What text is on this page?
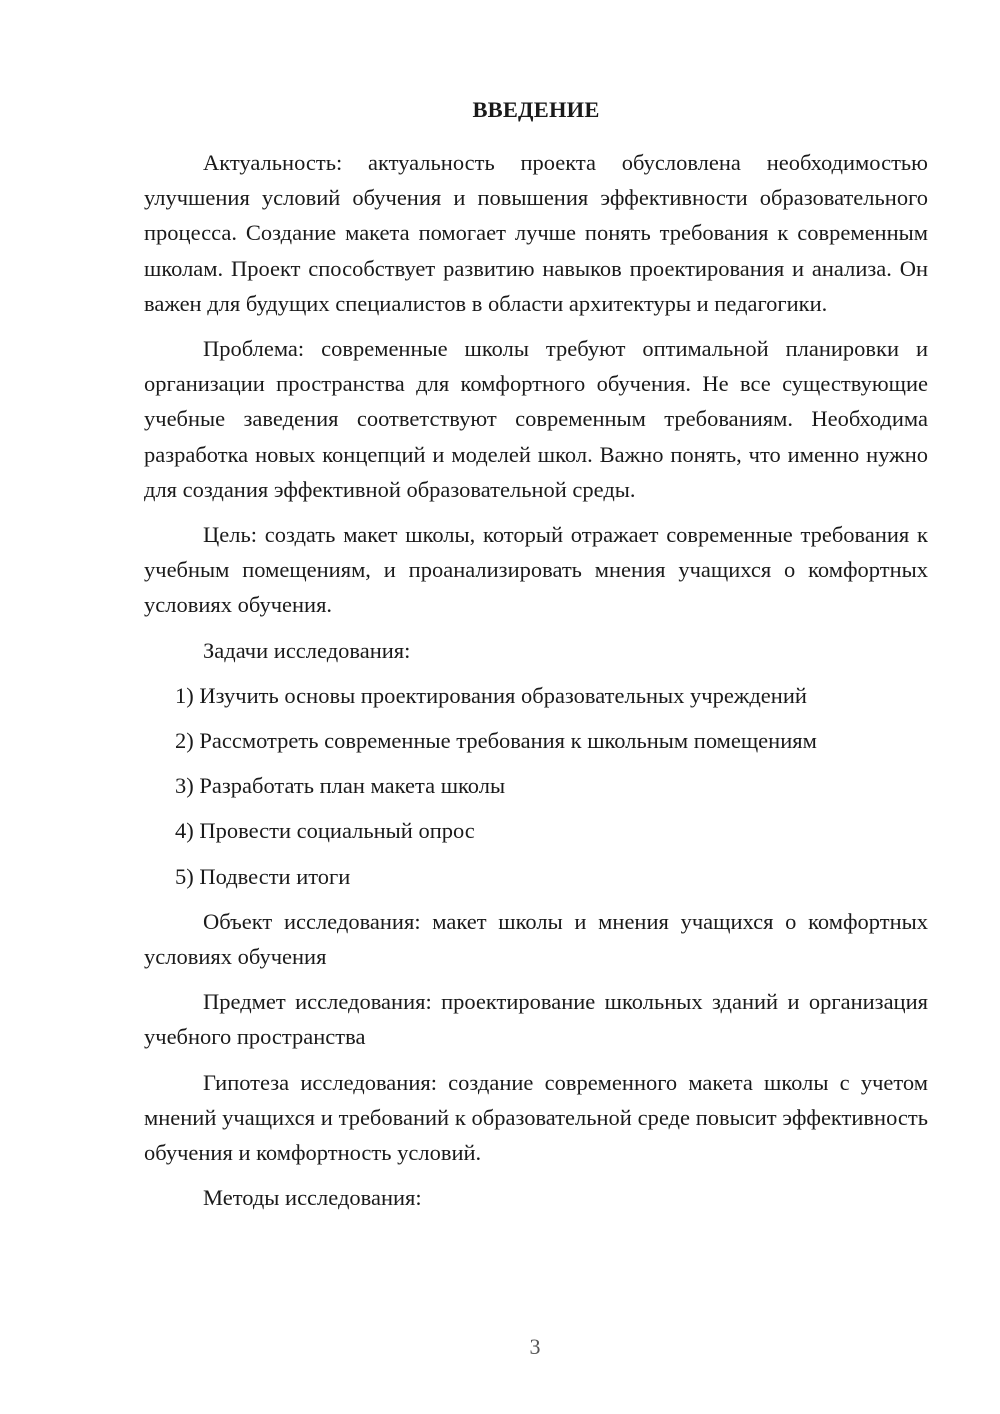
ВВЕДЕНИЕ

Актуальность: актуальность проекта обусловлена необходимостью улучшения условий обучения и повышения эффективности образовательного процесса. Создание макета помогает лучше понять требования к современным школам. Проект способствует развитию навыков проектирования и анализа. Он важен для будущих специалистов в области архитектуры и педагогики.

Проблема: современные школы требуют оптимальной планировки и организации пространства для комфортного обучения. Не все существующие учебные заведения соответствуют современным требованиям. Необходима разработка новых концепций и моделей школ. Важно понять, что именно нужно для создания эффективной образовательной среды.

Цель: создать макет школы, который отражает современные требования к учебным помещениям, и проанализировать мнения учащихся о комфортных условиях обучения.

Задачи исследования:

1) Изучить основы проектирования образовательных учреждений
2) Рассмотреть современные требования к школьным помещениям
3) Разработать план макета школы
4) Провести социальный опрос
5) Подвести итоги

Объект исследования: макет школы и мнения учащихся о комфортных условиях обучения

Предмет исследования: проектирование школьных зданий и организация учебного пространства

Гипотеза исследования: создание современного макета школы с учетом мнений учащихся и требований к образовательной среде повысит эффективность обучения и комфортность условий.

Методы исследования:

3
